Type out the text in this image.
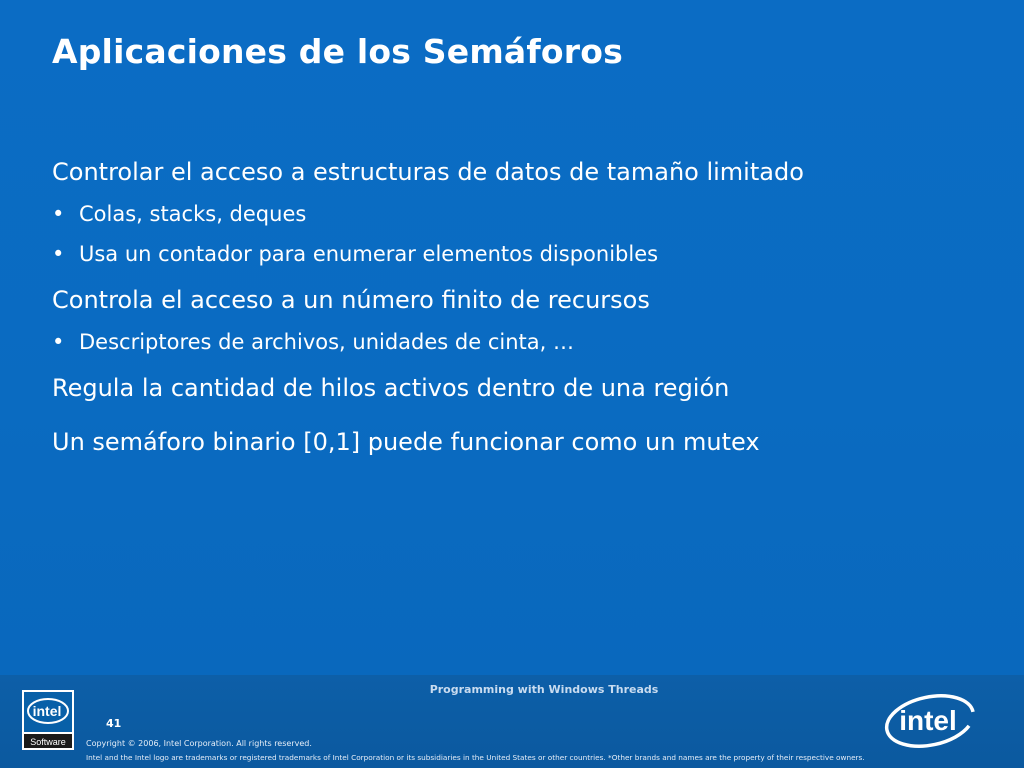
Aplicaciones de los Semáforos
Controlar el acceso a estructuras de datos de tamaño limitado
• Colas, stacks, deques
• Usa un contador para enumerar elementos disponibles
Controla el acceso a un número finito de recursos
• Descriptores de archivos, unidades de cinta, …
Regula la cantidad de hilos activos dentro de una región
Un semáforo binario [0,1] puede funcionar como un mutex
Programming with Windows Threads
41
Copyright © 2006, Intel Corporation. All rights reserved.
Intel and the Intel logo are trademarks or registered trademarks of Intel Corporation or its subsidiaries in the United States or other countries. *Other brands and names are the property of their respective owners.
intel
Software
intel
